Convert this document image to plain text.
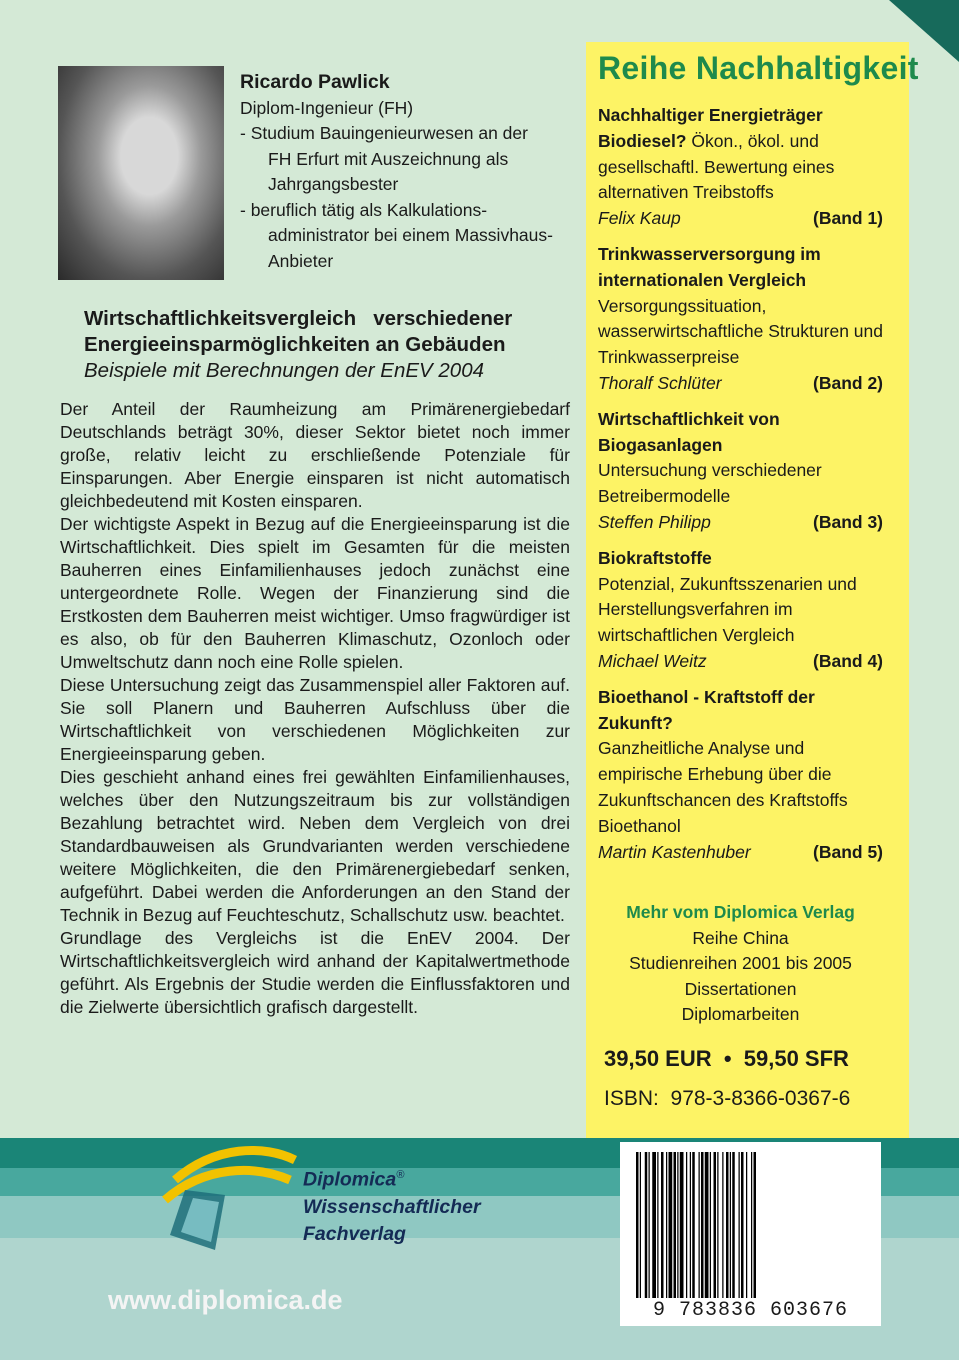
Ricardo Pawlick
Diplom-Ingenieur (FH)
- Studium Bauingenieurwesen an der
FH Erfurt mit Auszeichnung als
Jahrgangsbester
- beruflich tätig als Kalkulations-
administrator bei einem Massivhaus-
Anbieter
Wirtschaftlichkeitsvergleich   verschiedener
Energieeinsparmöglichkeiten an Gebäuden
Beispiele mit Berechnungen der EnEV 2004

Der Anteil der Raumheizung am Primärenergiebedarf Deutschlands beträgt 30%, dieser Sektor bietet noch immer große, relativ leicht zu erschließende Potenziale für Einsparungen. Aber Energie einsparen ist nicht automatisch gleichbedeutend mit Kosten einsparen.

Der wichtigste Aspekt in Bezug auf die Energieeinsparung ist die Wirtschaftlichkeit. Dies spielt im Gesamten für die meisten Bauherren eines Einfamilienhauses jedoch zunächst eine untergeordnete Rolle. Wegen der Finanzierung sind die Erstkosten dem Bauherren meist wichtiger. Umso fragwürdiger ist es also, ob für den Bauherren Klimaschutz, Ozonloch oder Umweltschutz dann noch eine Rolle spielen.

Diese Untersuchung zeigt das Zusammenspiel aller Faktoren auf. Sie soll Planern und Bauherren Aufschluss über die Wirtschaftlichkeit von verschiedenen Möglichkeiten zur Energieeinsparung geben.

Dies geschieht anhand eines frei gewählten Einfamilienhauses, welches über den Nutzungszeitraum bis zur vollständigen Bezahlung betrachtet wird. Neben dem Vergleich von drei Standardbauweisen als Grundvarianten werden verschiedene weitere Möglichkeiten, die den Primärenergiebedarf senken, aufgeführt. Dabei werden die Anforderungen an den Stand der Technik in Bezug auf Feuchteschutz, Schallschutz usw. beachtet.

Grundlage des Vergleichs ist die EnEV 2004. Der Wirtschaftlichkeitsvergleich wird anhand der Kapitalwertmethode geführt. Als Ergebnis der Studie werden die Einflussfaktoren und die Zielwerte übersichtlich grafisch dargestellt.

Reihe Nachhaltigkeit
Nachhaltiger Energieträger Biodiesel? Ökon., ökol. und gesellschaftl. Bewertung eines alternativen Treibstoffs
Felix Kaup	(Band 1)
Trinkwasserversorgung im internationalen Vergleich
Versorgungssituation, wasserwirtschaftliche Strukturen und Trinkwasserpreise
Thoralf Schlüter	(Band 2)
Wirtschaftlichkeit von Biogasanlagen
Untersuchung verschiedener Betreibermodelle
Steffen Philipp	(Band 3)
Biokraftstoffe
Potenzial, Zukunftsszenarien und Herstellungsverfahren im wirtschaftlichen Vergleich
Michael Weitz	(Band 4)
Bioethanol - Kraftstoff der Zukunft?
Ganzheitliche Analyse und empirische Erhebung über die Zukunftschancen des Kraftstoffs Bioethanol
Martin Kastenhuber	(Band 5)
Mehr vom Diplomica Verlag
Reihe China
Studienreihen 2001 bis 2005
Dissertationen
Diplomarbeiten
39,50 EUR  •  59,50 SFR
ISBN:  978-3-8366-0367-6
Diplomica®
Wissenschaftlicher
Fachverlag
www.diplomica.de	9 783836 603676
